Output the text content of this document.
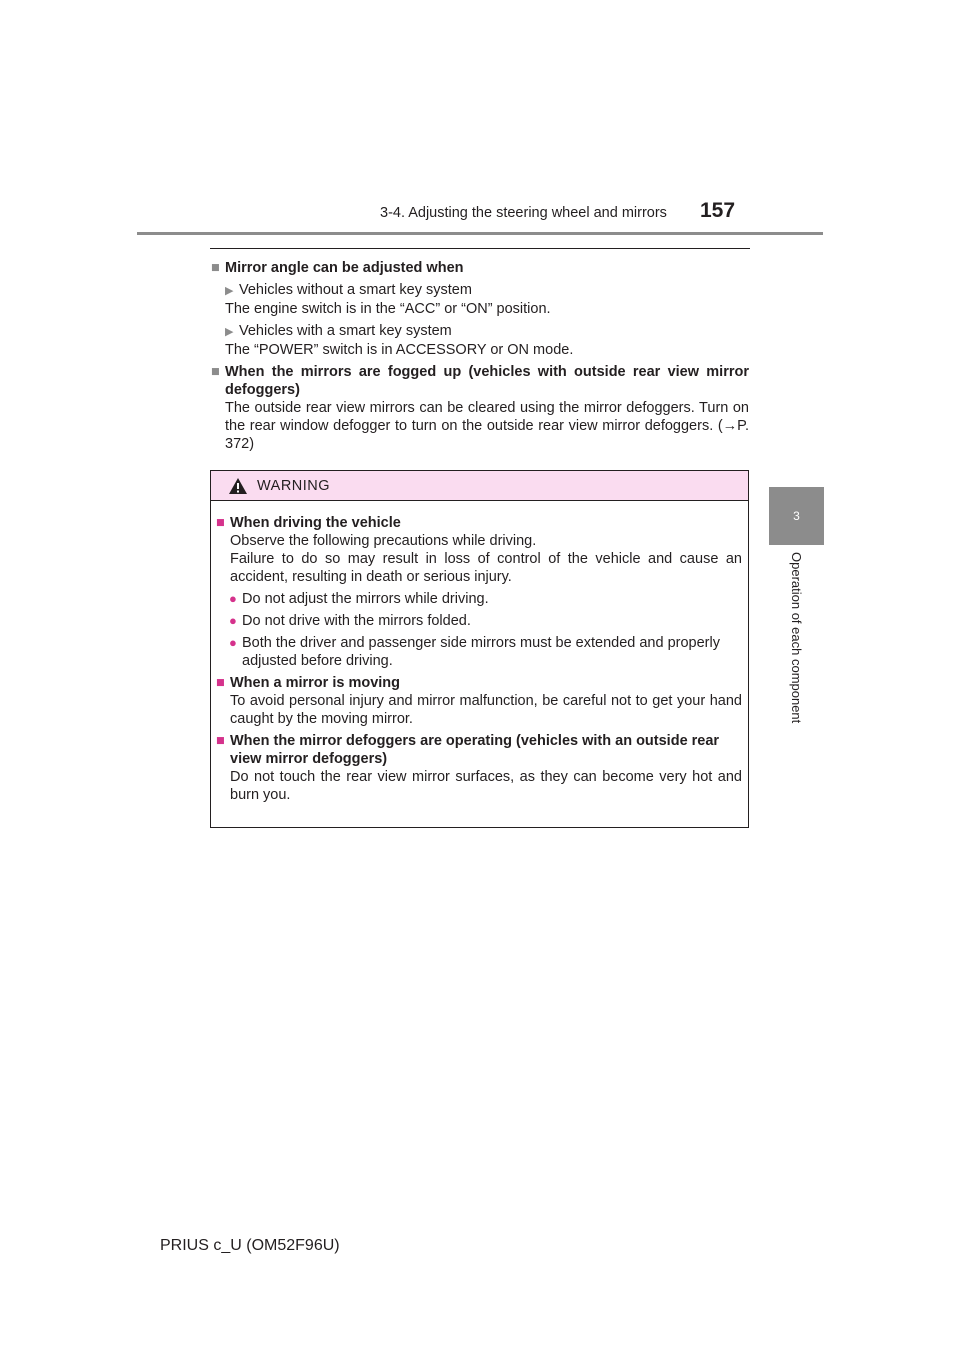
3-4. Adjusting the steering wheel and mirrors 157
3
Operation of each component
■ Mirror angle can be adjusted when
▶ Vehicles without a smart key system

The engine switch is in the “ACC” or “ON” position.

▶ Vehicles with a smart key system

The “POWER” switch is in ACCESSORY or ON mode.

■ When the mirrors are fogged up (vehicles with outside rear view mirror defoggers)

The outside rear view mirrors can be cleared using the mirror defoggers. Turn on the rear window defogger to turn on the outside rear view mirror defoggers. (→P. 372)

WARNING
■ When driving the vehicle

Observe the following precautions while driving.

Failure to do so may result in loss of control of the vehicle and cause an accident, resulting in death or serious injury.

● Do not adjust the mirrors while driving.
● Do not drive with the mirrors folded.
● Both the driver and passenger side mirrors must be extended and properly adjusted before driving.
■ When a mirror is moving

To avoid personal injury and mirror malfunction, be careful not to get your hand caught by the moving mirror.

■ When the mirror defoggers are operating (vehicles with an outside rear view mirror defoggers)

Do not touch the rear view mirror surfaces, as they can become very hot and burn you.

PRIUS c_U (OM52F96U)
